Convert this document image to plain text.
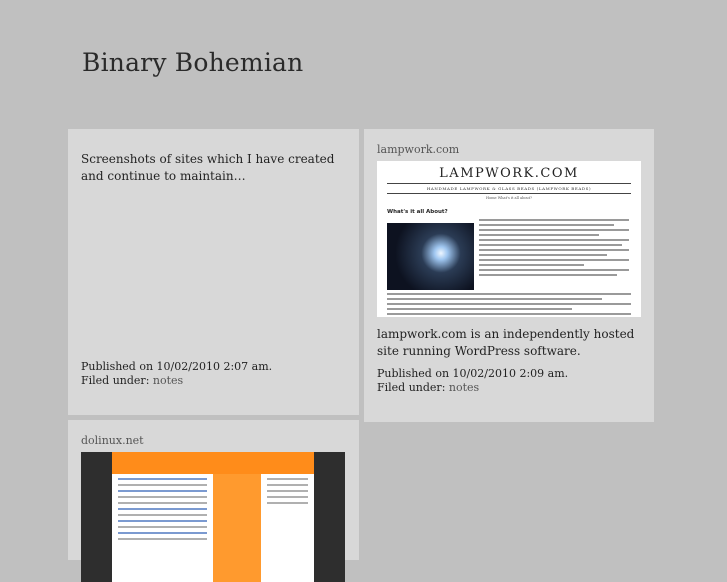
Binary Bohemian

Screenshots of sites which I have created and continue to maintain…

Published on 10/02/2010 2:07 am.
Filed under: notes
lampwork.com
LAMPWORK.COM
HANDMADE LAMPWORK & GLASS BEADS (LAMPWORK BEADS)
Home What's it all about?
What's it all About?

lampwork.com is an independently hosted site running WordPress software.

Published on 10/02/2010 2:09 am.
Filed under: notes
dolinux.net
